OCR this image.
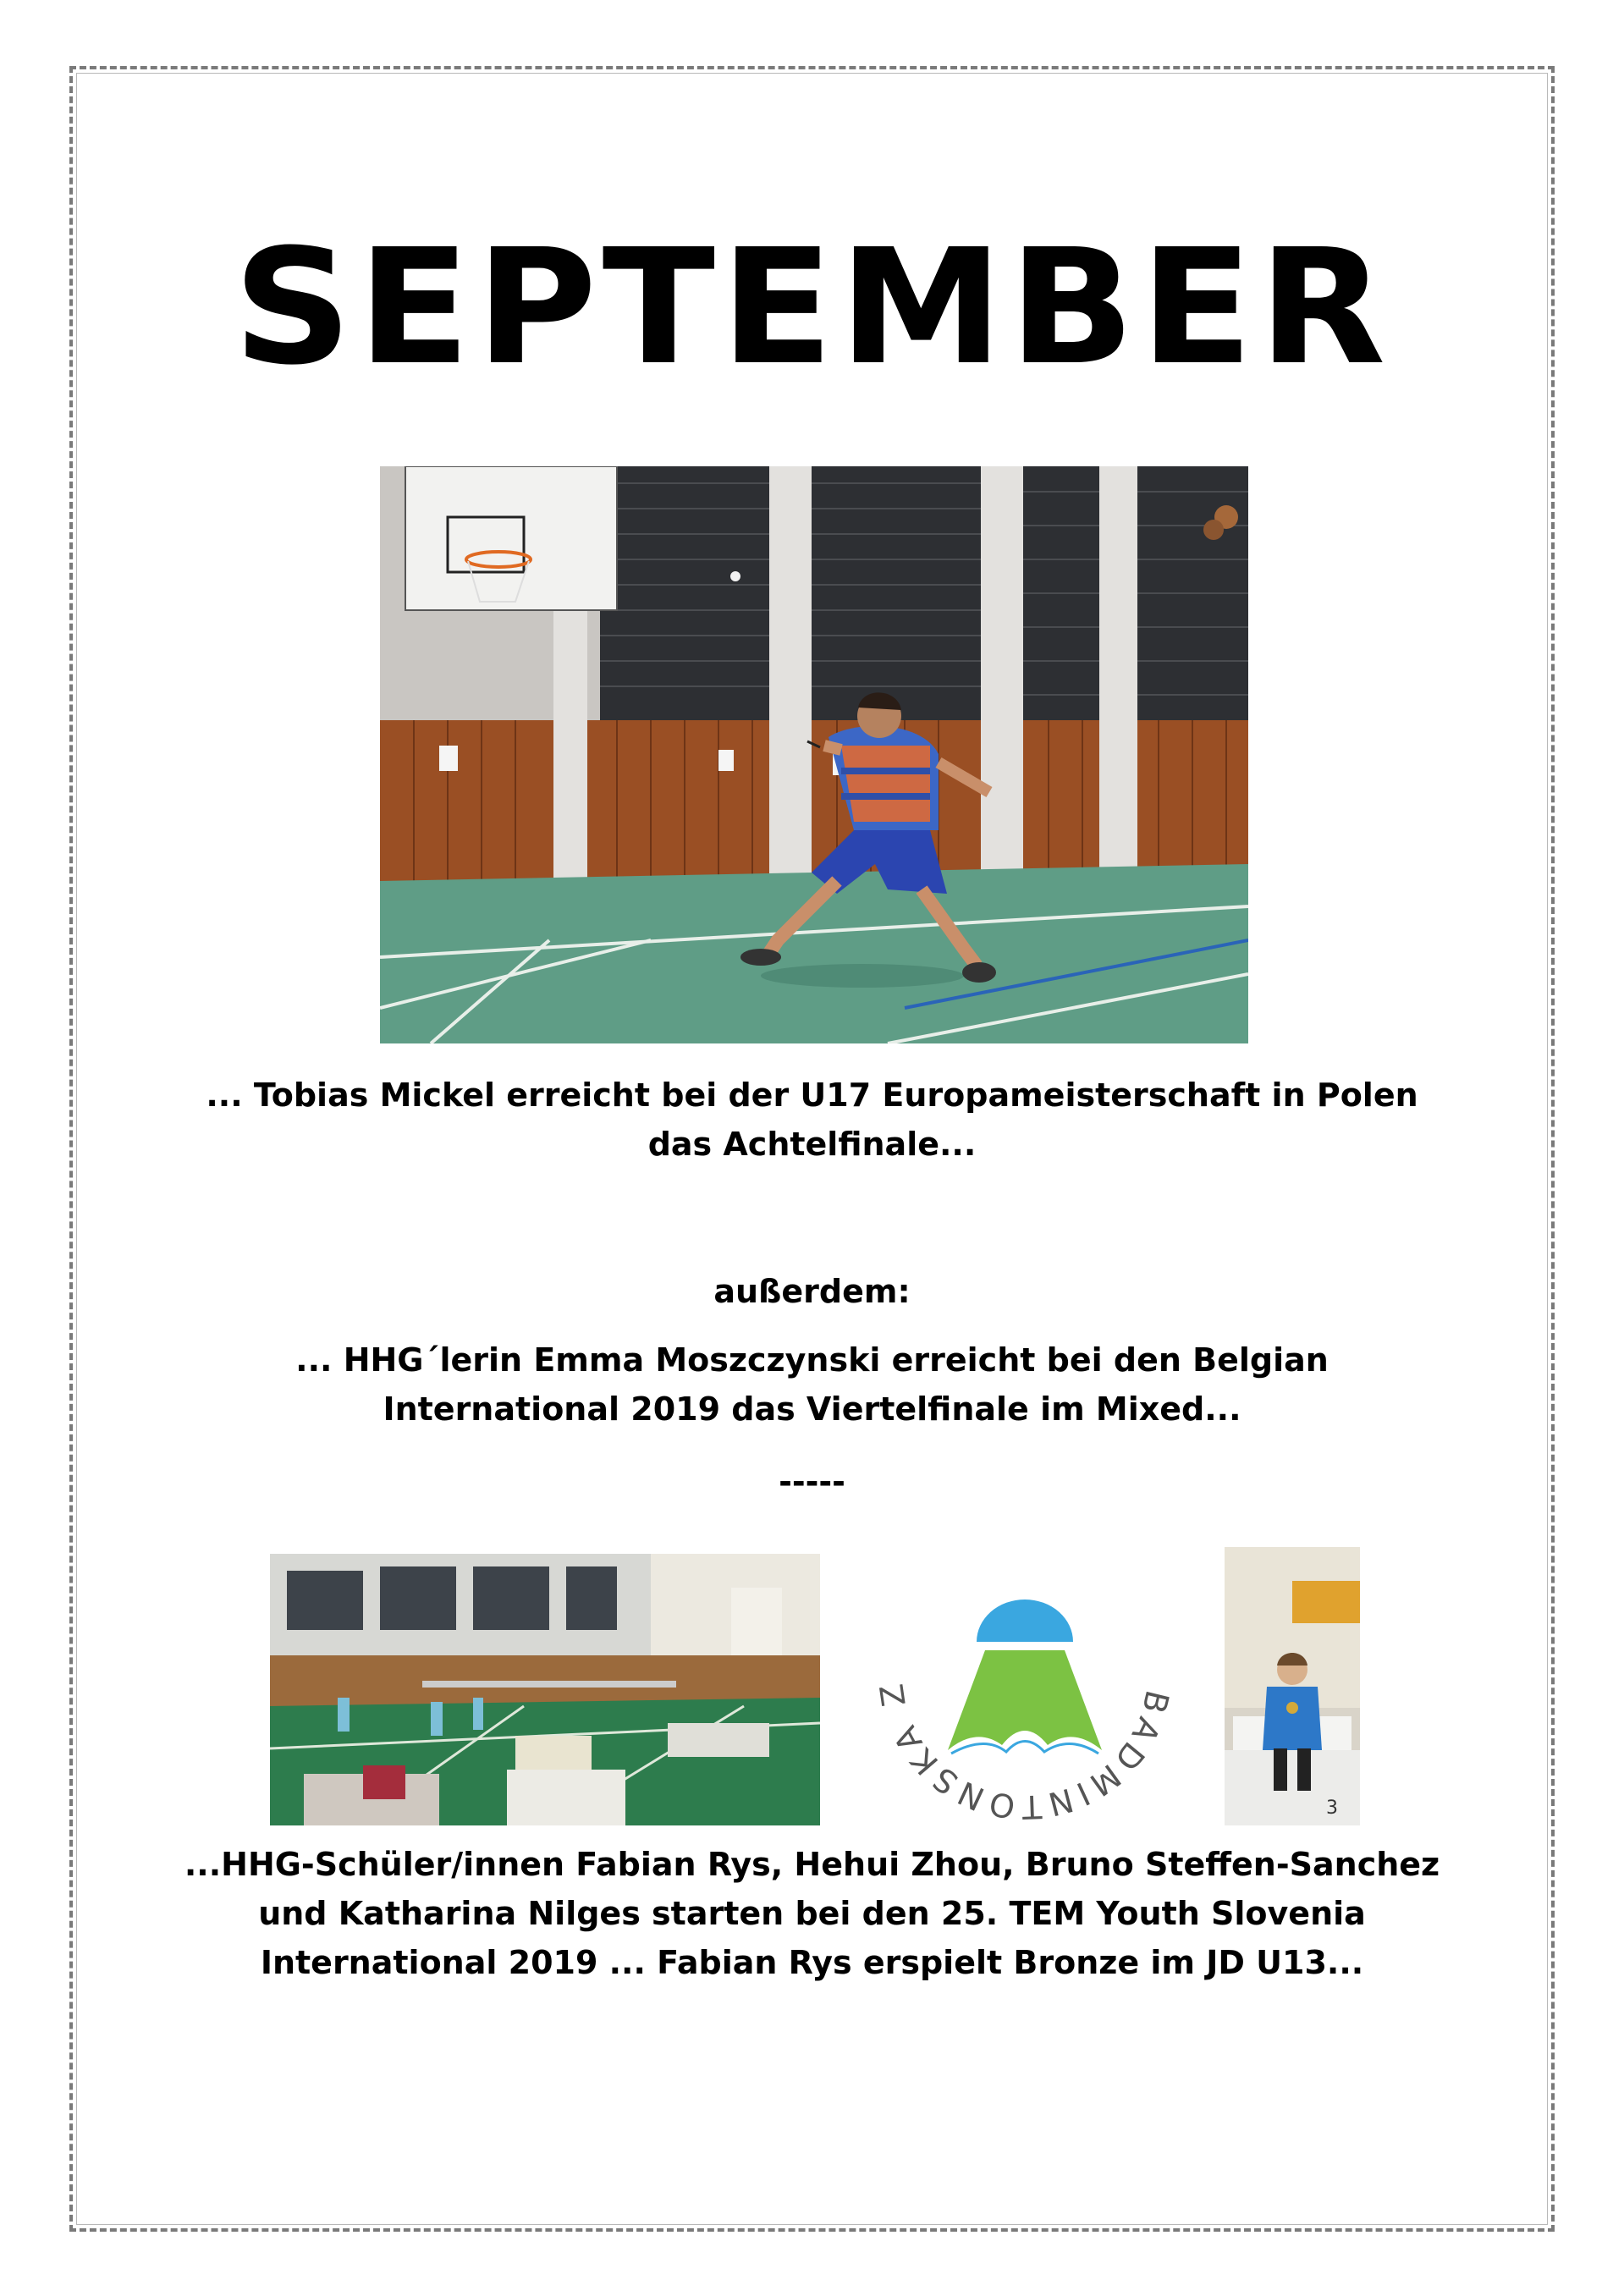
SEPTEMBER
... Tobias Mickel erreicht bei der U17 Europameisterschaft in Polen
das Achtelfinale...
außerdem:
... HHG´lerin Emma Moszczynski erreicht bei den Belgian
International 2019 das Viertelfinale im Mixed...
-----
BADMINTONSKA Z
3
...HHG-Schüler/innen Fabian Rys, Hehui Zhou, Bruno Steffen-Sanchez
und Katharina Nilges starten bei den 25. TEM Youth Slovenia
International 2019 ... Fabian Rys erspielt Bronze im JD U13...
